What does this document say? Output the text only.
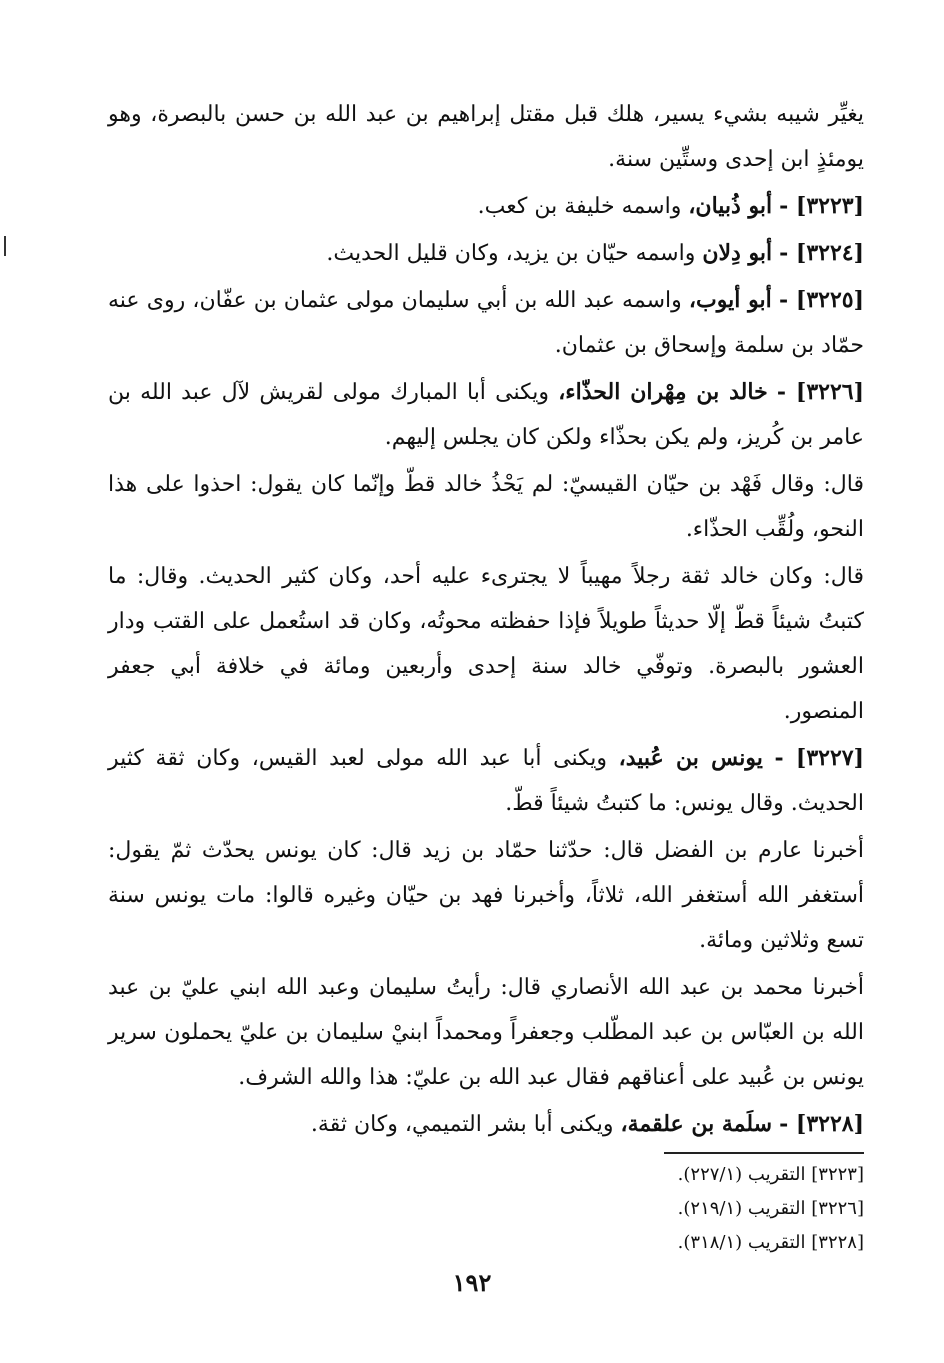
يغيِّر شيبه بشيء يسير، هلك قبل مقتل إبراهيم بن عبد الله بن حسن بالبصرة، وهو يومئذٍ ابن إحدى وستِّين سنة.

[٣٢٢٣] - أبو ذُبيان، واسمه خليفة بن كعب.

[٣٢٢٤] - أبو دِلان واسمه حيّان بن يزيد، وكان قليل الحديث.

[٣٢٢٥] - أبو أيوب، واسمه عبد الله بن أبي سليمان مولى عثمان بن عفّان، روى عنه حمّاد بن سلمة وإسحاق بن عثمان.

[٣٢٢٦] - خالد بن مِهْران الحذّاء، ويكنى أبا المبارك مولى لقريش لآل عبد الله بن عامر بن كُريز، ولم يكن بحذّاء ولكن كان يجلس إليهم.

قال: وقال فَهْد بن حيّان القيسيّ: لم يَحْذُ خالد قطّ وإنّما كان يقول: احذوا على هذا النحو، ولُقِّب الحذّاء.

قال: وكان خالد ثقة رجلاً مهيباً لا يجترىء عليه أحد، وكان كثير الحديث. وقال: ما كتبتُ شيئاً قطّ إلّا حديثاً طويلاً فإذا حفظته محوتُه، وكان قد استُعمل على القتب ودار العشور بالبصرة. وتوفّي خالد سنة إحدى وأربعين ومائة في خلافة أبي جعفر المنصور.

[٣٢٢٧] - يونس بن عُبيد، ويكنى أبا عبد الله مولى لعبد القيس، وكان ثقة كثير الحديث. وقال يونس: ما كتبتُ شيئاً قطّ.

أخبرنا عارم بن الفضل قال: حدّثنا حمّاد بن زيد قال: كان يونس يحدّث ثمّ يقول: أستغفر الله أستغفر الله، ثلاثاً، وأخبرنا فهد بن حيّان وغيره قالوا: مات يونس سنة تسع وثلاثين ومائة.

أخبرنا محمد بن عبد الله الأنصاري قال: رأيتُ سليمان وعبد الله ابني عليّ بن عبد الله بن العبّاس بن عبد المطّلب وجعفراً ومحمداً ابنيْ سليمان بن عليّ يحملون سرير يونس بن عُبيد على أعناقهم فقال عبد الله بن عليّ: هذا والله الشرف.

[٣٢٢٨] - سلَمة بن علقمة، ويكنى أبا بشر التميمي، وكان ثقة.

[٣٢٢٣] التقريب (٢٢٧/١).
[٣٢٢٦] التقريب (٢١٩/١).
[٣٢٢٨] التقريب (٣١٨/١).
١٩٢
